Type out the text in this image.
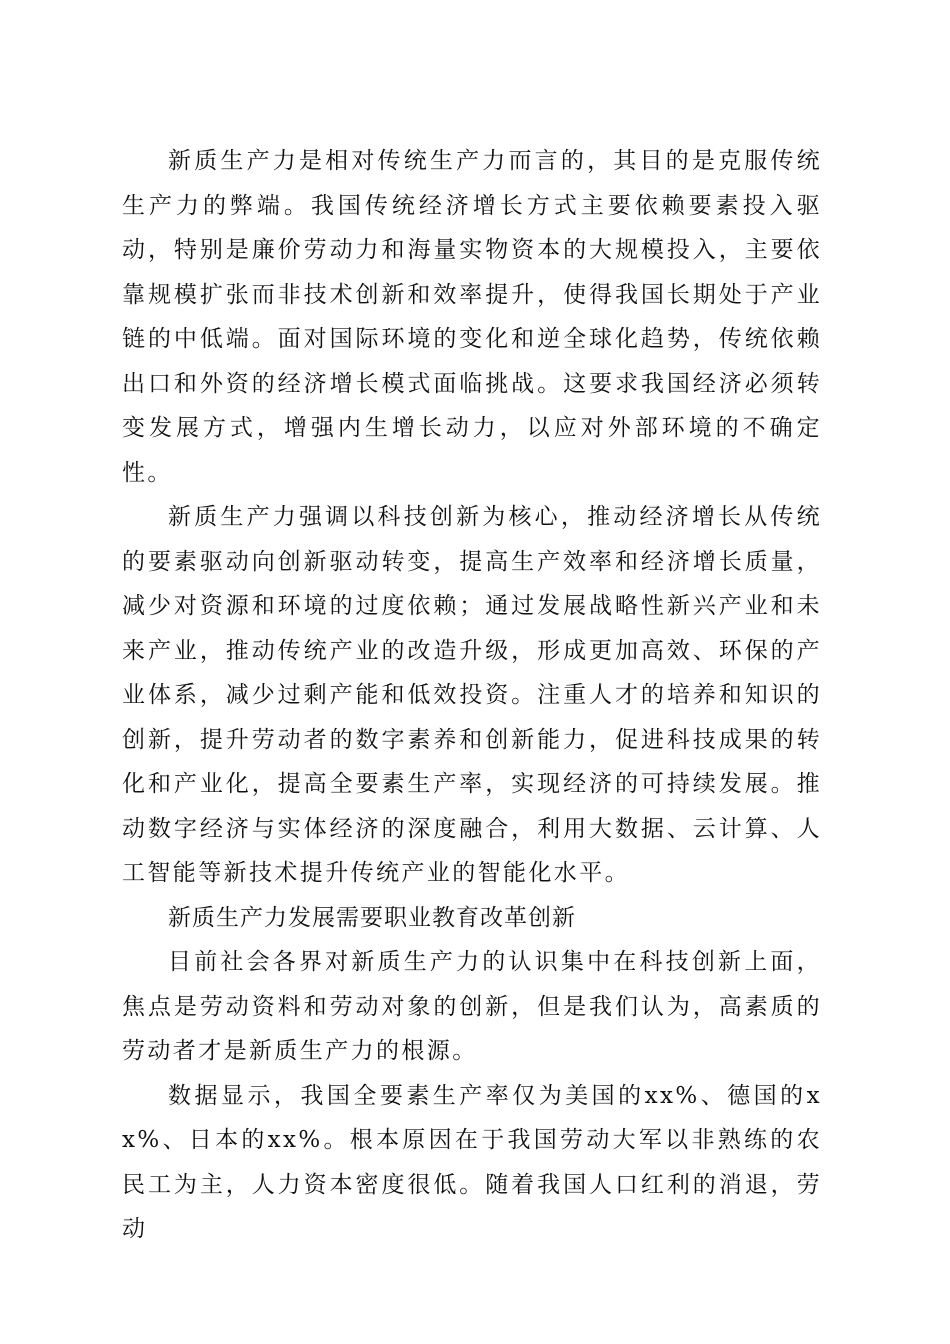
新质生产力是相对传统生产力而言的，其目的是克服传统生产力的弊端。我国传统经济增长方式主要依赖要素投入驱动，特别是廉价劳动力和海量实物资本的大规模投入，主要依靠规模扩张而非技术创新和效率提升，使得我国长期处于产业链的中低端。面对国际环境的变化和逆全球化趋势，传统依赖出口和外资的经济增长模式面临挑战。这要求我国经济必须转变发展方式，增强内生增长动力，以应对外部环境的不确定性。

新质生产力强调以科技创新为核心，推动经济增长从传统的要素驱动向创新驱动转变，提高生产效率和经济增长质量，减少对资源和环境的过度依赖；通过发展战略性新兴产业和未来产业，推动传统产业的改造升级，形成更加高效、环保的产业体系，减少过剩产能和低效投资。注重人才的培养和知识的创新，提升劳动者的数字素养和创新能力，促进科技成果的转化和产业化，提高全要素生产率，实现经济的可持续发展。推动数字经济与实体经济的深度融合，利用大数据、云计算、人工智能等新技术提升传统产业的智能化水平。

新质生产力发展需要职业教育改革创新

目前社会各界对新质生产力的认识集中在科技创新上面，焦点是劳动资料和劳动对象的创新，但是我们认为，高素质的劳动者才是新质生产力的根源。

数据显示，我国全要素生产率仅为美国的xx%、德国的xx%、日本的xx%。根本原因在于我国劳动大军以非熟练的农民工为主，人力资本密度很低。随着我国人口红利的消退，劳动
